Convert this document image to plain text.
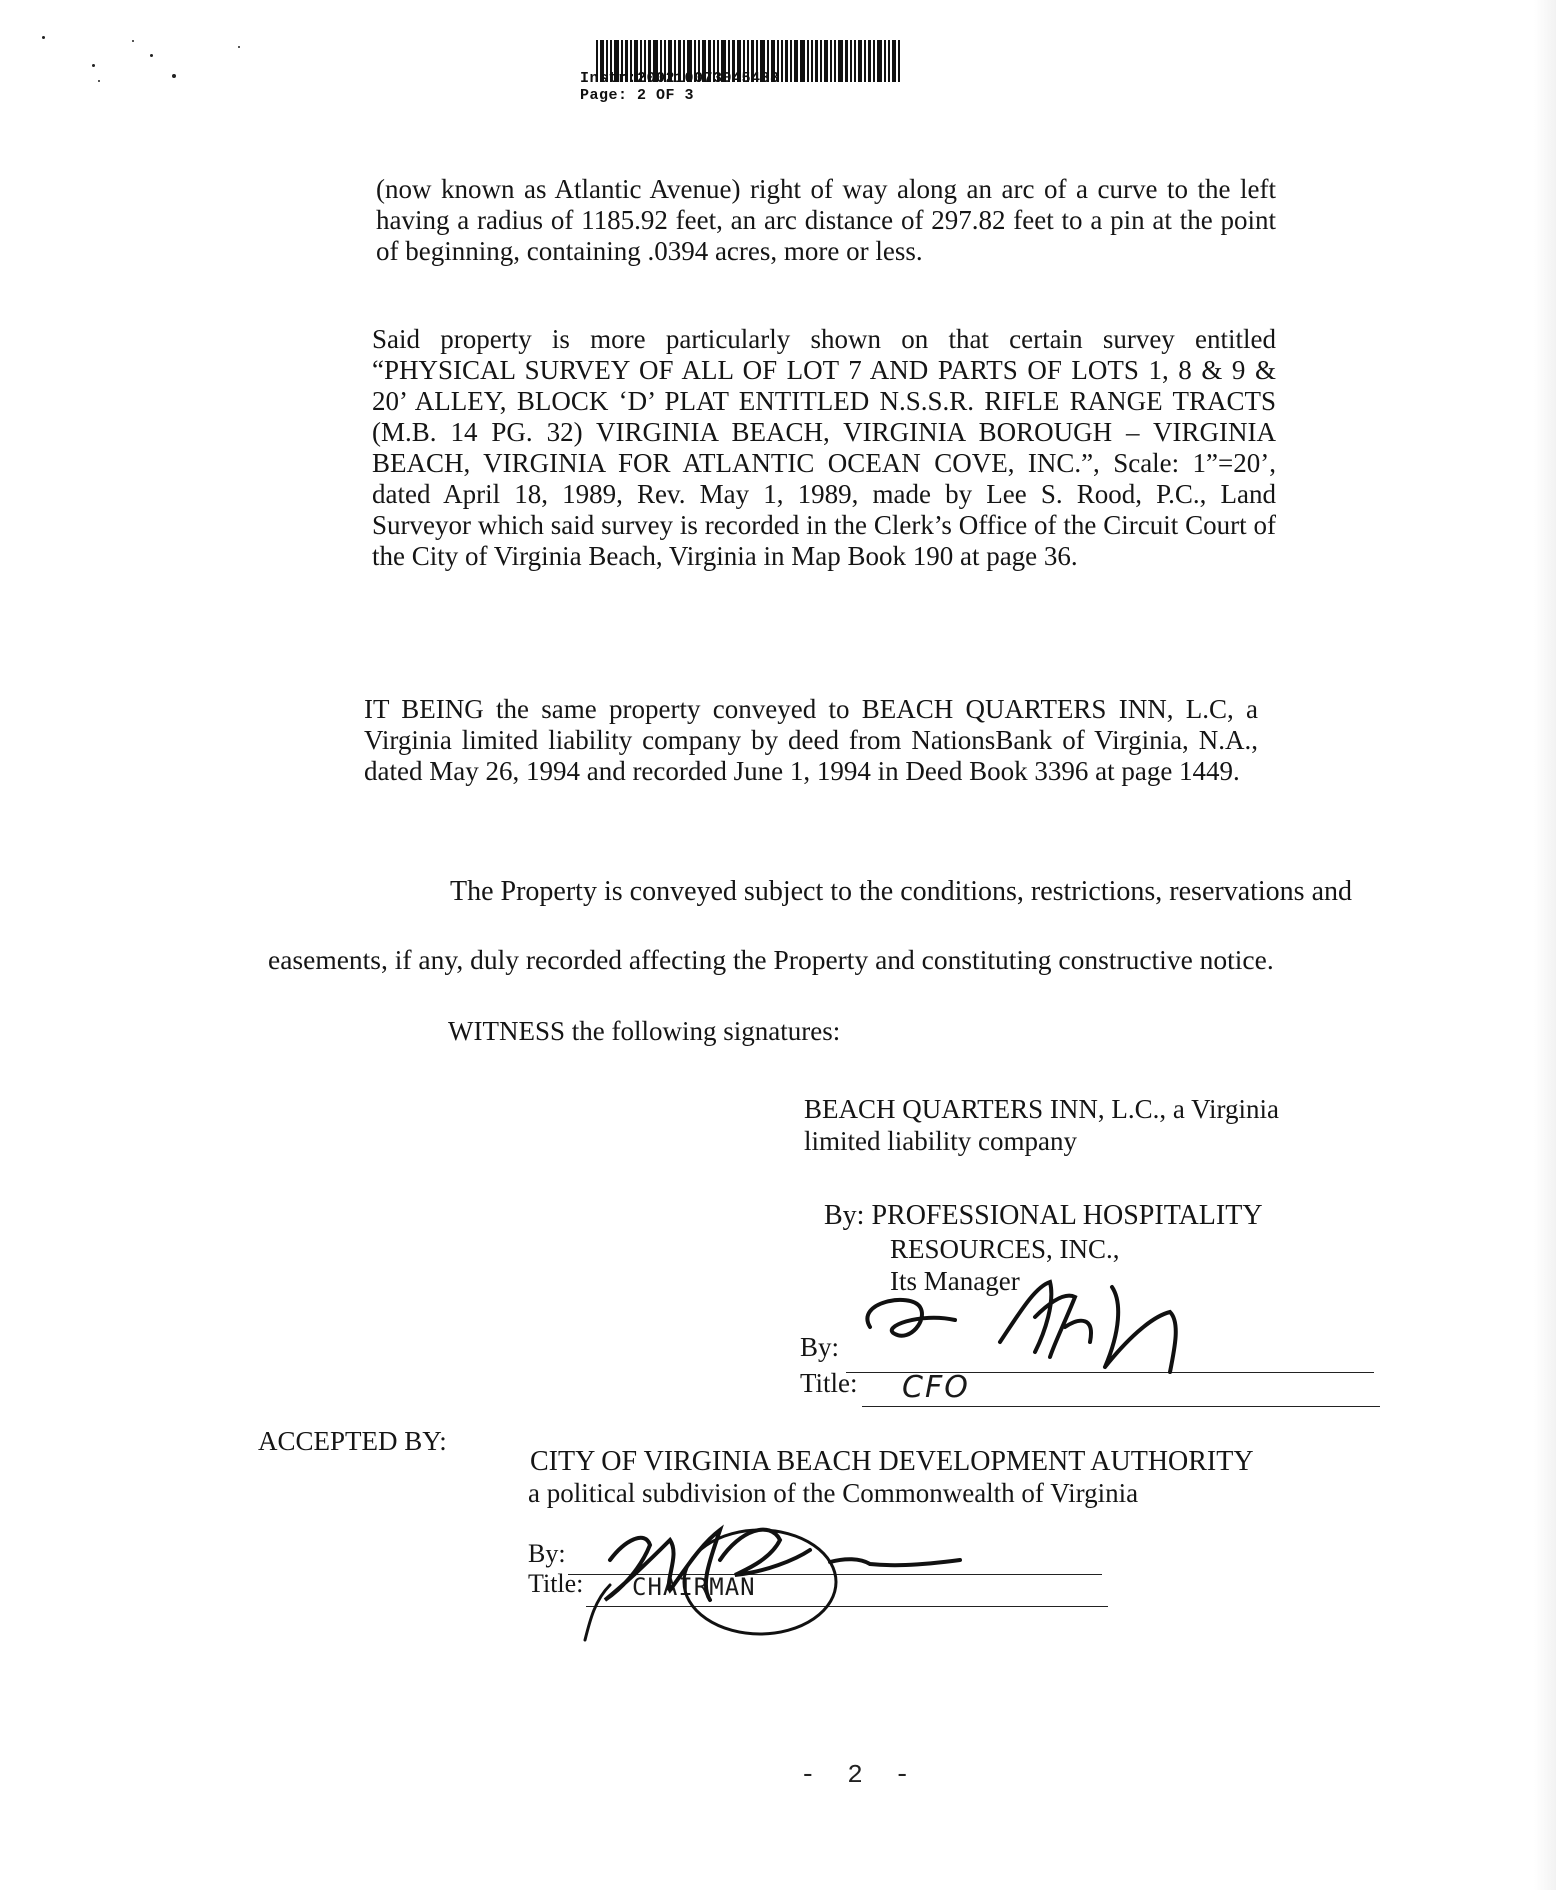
Instr:200210073045488
Page: 2 OF 3

(now known as Atlantic Avenue) right of way along an arc of a curve to the left having a radius of 1185.92 feet, an arc distance of 297.82 feet to a pin at the point of beginning, containing .0394 acres, more or less.

Said property is more particularly shown on that certain survey entitled “PHYSICAL SURVEY OF ALL OF LOT 7 AND PARTS OF LOTS 1, 8 & 9 & 20’ ALLEY, BLOCK ‘D’ PLAT ENTITLED N.S.S.R. RIFLE RANGE TRACTS (M.B. 14 PG. 32) VIRGINIA BEACH, VIRGINIA BOROUGH – VIRGINIA BEACH, VIRGINIA FOR ATLANTIC OCEAN COVE, INC.”, Scale: 1”=20’, dated April 18, 1989, Rev. May 1, 1989, made by Lee S. Rood, P.C., Land Surveyor which said survey is recorded in the Clerk’s Office of the Circuit Court of the City of Virginia Beach, Virginia in Map Book 190 at page 36.

IT BEING the same property conveyed to BEACH QUARTERS INN, L.C, a Virginia limited liability company by deed from NationsBank of Virginia, N.A., dated May 26, 1994 and recorded June 1, 1994 in Deed Book 3396 at page 1449.

The Property is conveyed subject to the conditions, restrictions, reservations and
easements, if any, duly recorded affecting the Property and constituting constructive notice.
WITNESS the following signatures:
BEACH QUARTERS INN, L.C., a Virginia
limited liability company
By: PROFESSIONAL HOSPITALITY
RESOURCES, INC.,
Its Manager
By:
Title: CFO
ACCEPTED BY:
CITY OF VIRGINIA BEACH DEVELOPMENT AUTHORITY
a political subdivision of the Commonwealth of Virginia
By:
Title: CHAIRMAN
- 2 -
